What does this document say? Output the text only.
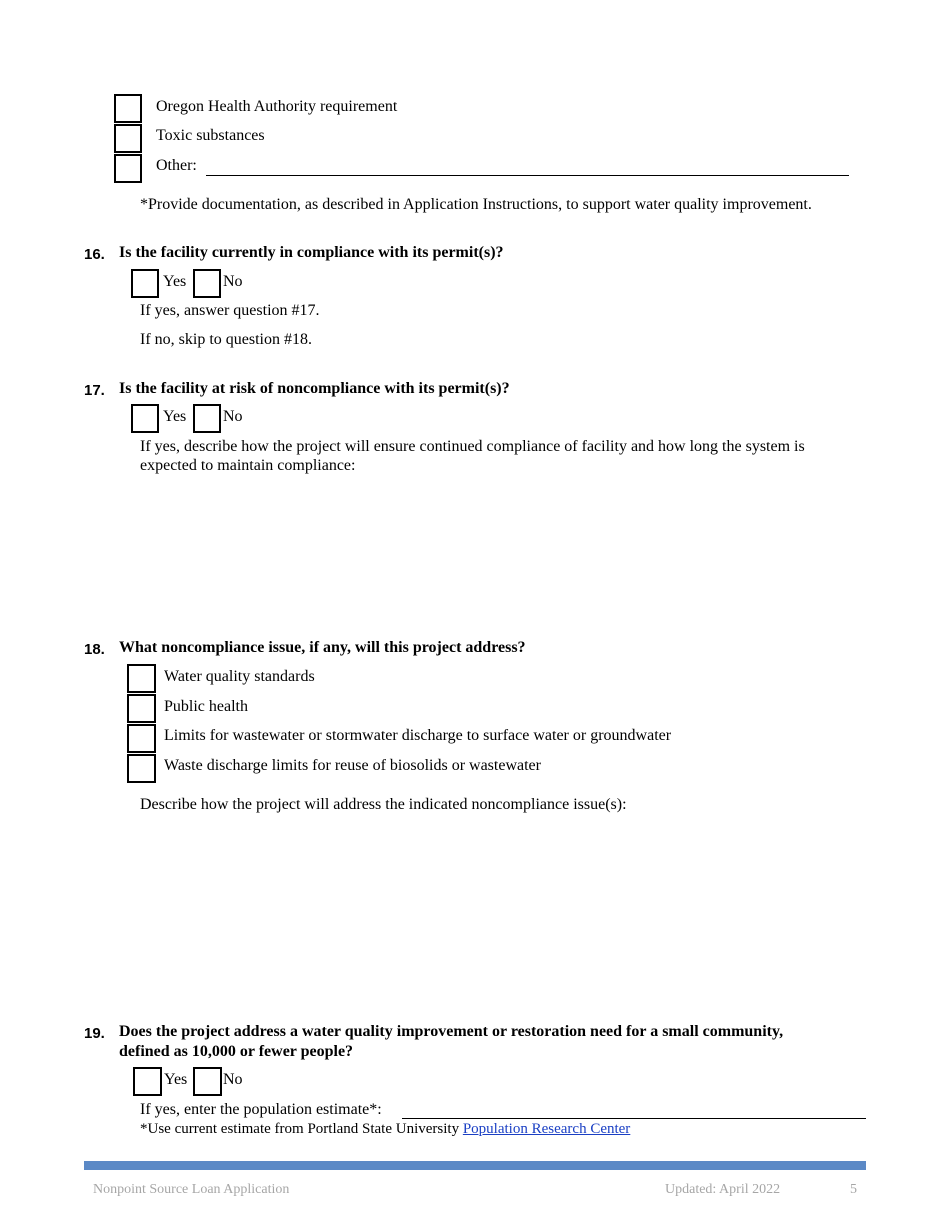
Oregon Health Authority requirement
Toxic substances
Other:
*Provide documentation, as described in Application Instructions, to support water quality improvement.
16. Is the facility currently in compliance with its permit(s)?
Yes No
If yes, answer question #17.
If no, skip to question #18.
17. Is the facility at risk of noncompliance with its permit(s)?
Yes No
If yes, describe how the project will ensure continued compliance of facility and how long the system is
expected to maintain compliance:
18. What noncompliance issue, if any, will this project address?
Water quality standards
Public health
Limits for wastewater or stormwater discharge to surface water or groundwater
Waste discharge limits for reuse of biosolids or wastewater
Describe how the project will address the indicated noncompliance issue(s):
19. Does the project address a water quality improvement or restoration need for a small community,
defined as 10,000 or fewer people?
Yes No
If yes, enter the population estimate*:
*Use current estimate from Portland State University Population Research Center
Nonpoint Source Loan Application	Updated: April 2022	5
